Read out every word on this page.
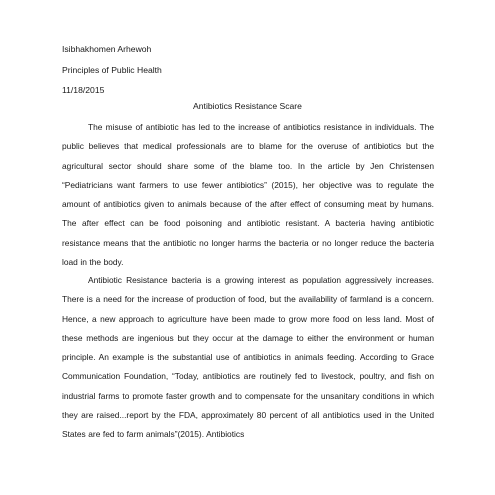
Isibhakhomen Arhewoh
Principles of Public Health
11/18/2015
Antibiotics Resistance Scare

The misuse of antibiotic has led to the increase of antibiotics resistance in individuals. The public believes that medical professionals are to blame for the overuse of antibiotics but the agricultural sector should share some of the blame too. In the article by Jen Christensen “Pediatricians want farmers to use fewer antibiotics” (2015), her objective was to regulate the amount of antibiotics given to animals because of the after effect of consuming meat by humans. The after effect can be food poisoning and antibiotic resistant. A bacteria having antibiotic resistance means that the antibiotic no longer harms the bacteria or no longer reduce the bacteria load in the body.

Antibiotic Resistance bacteria is a growing interest as population aggressively increases. There is a need for the increase of production of food, but the availability of farmland is a concern. Hence, a new approach to agriculture have been made to grow more food on less land. Most of these methods are ingenious but they occur at the damage to either the environment or human principle. An example is the substantial use of antibiotics in animals feeding. According to Grace Communication Foundation, “Today, antibiotics are routinely fed to livestock, poultry, and fish on industrial farms to promote faster growth and to compensate for the unsanitary conditions in which they are raised...report by the FDA, approximately 80 percent of all antibiotics used in the United States are fed to farm animals”(2015). Antibiotics
